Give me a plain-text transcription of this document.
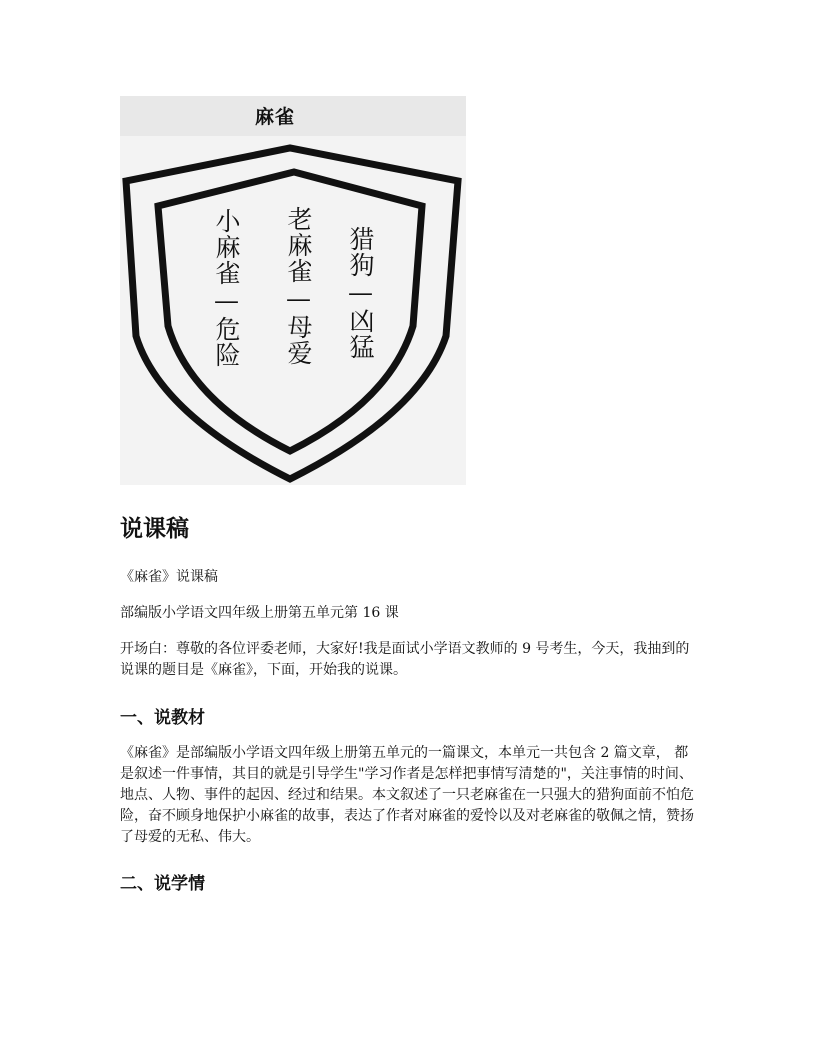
麻雀
小麻雀—危险 老麻雀—母爱 猎狗—凶猛
说课稿

《麻雀》说课稿

部编版小学语文四年级上册第五单元第 16 课

开场白：尊敬的各位评委老师，大家好!我是面试小学语文教师的 9 号考生，今天，我抽到的说课的题目是《麻雀》，下面，开始我的说课。

一、说教材

《麻雀》是部编版小学语文四年级上册第五单元的一篇课文，本单元一共包含 2 篇文章， 都是叙述一件事情，其目的就是引导学生"学习作者是怎样把事情写清楚的"，关注事情的时间、地点、人物、事件的起因、经过和结果。本文叙述了一只老麻雀在一只强大的猎狗面前不怕危险，奋不顾身地保护小麻雀的故事，表达了作者对麻雀的爱怜以及对老麻雀的敬佩之情，赞扬了母爱的无私、伟大。

二、说学情
